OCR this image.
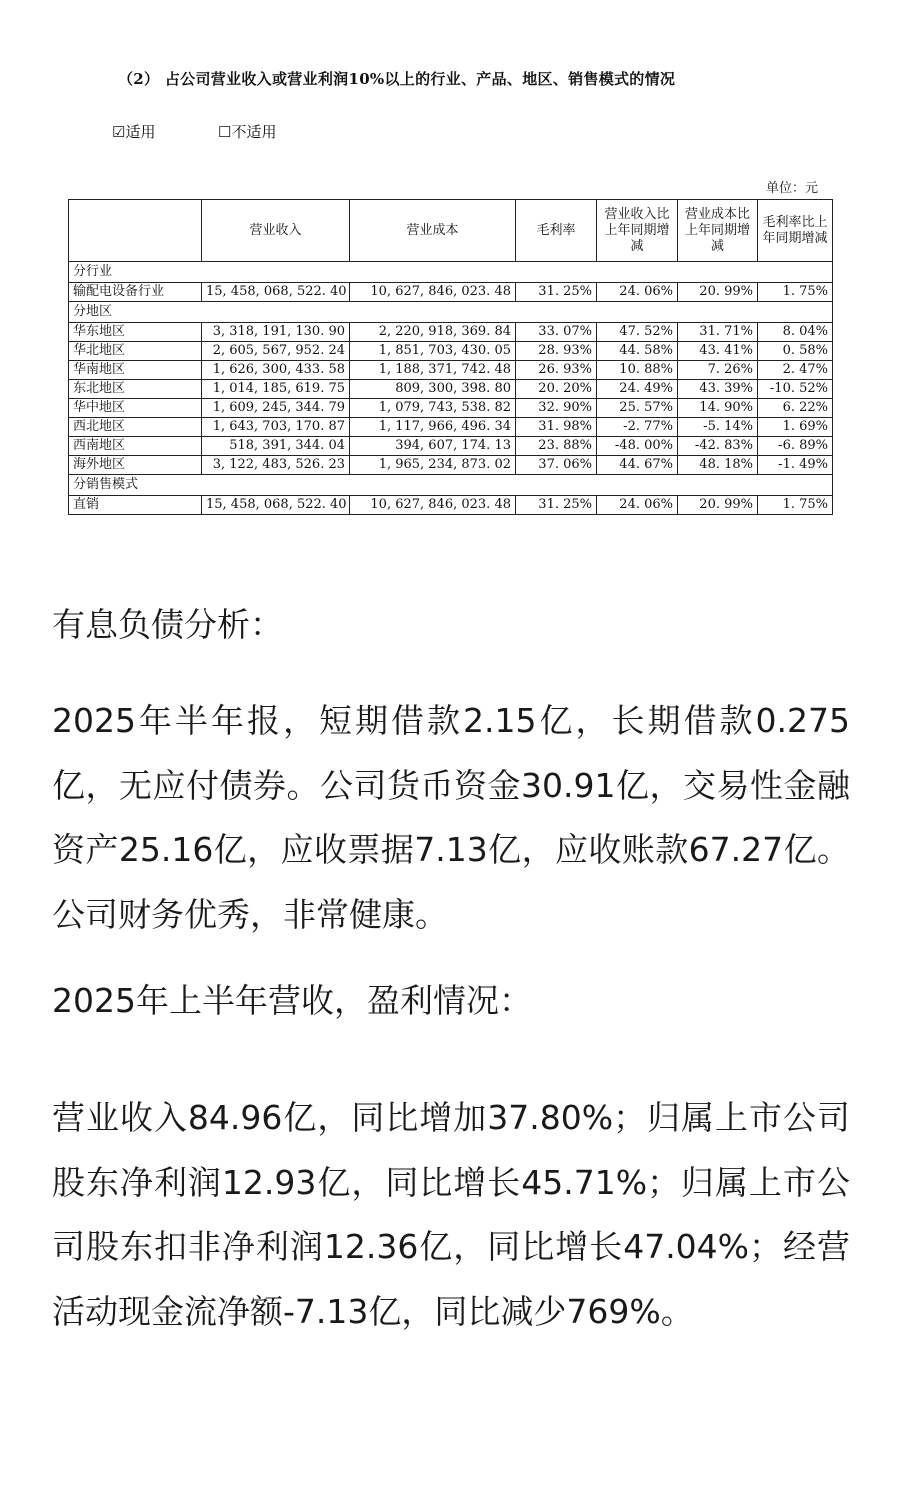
（2） 占公司营业收入或营业利润10%以上的行业、产品、地区、销售模式的情况
☑适用	☐不适用
单位：元
	营业收入	营业成本	毛利率	营业收入比上年同期增减	营业成本比上年同期增减	毛利率比上年同期增减
分行业						
输配电设备行业	15, 458, 068, 522. 40	10, 627, 846, 023. 48	31. 25%	24. 06%	20. 99%	1. 75%
分地区						
华东地区	3, 318, 191, 130. 90	2, 220, 918, 369. 84	33. 07%	47. 52%	31. 71%	8. 04%
华北地区	2, 605, 567, 952. 24	1, 851, 703, 430. 05	28. 93%	44. 58%	43. 41%	0. 58%
华南地区	1, 626, 300, 433. 58	1, 188, 371, 742. 48	26. 93%	10. 88%	7. 26%	2. 47%
东北地区	1, 014, 185, 619. 75	809, 300, 398. 80	20. 20%	24. 49%	43. 39%	-10. 52%
华中地区	1, 609, 245, 344. 79	1, 079, 743, 538. 82	32. 90%	25. 57%	14. 90%	6. 22%
西北地区	1, 643, 703, 170. 87	1, 117, 966, 496. 34	31. 98%	-2. 77%	-5. 14%	1. 69%
西南地区	518, 391, 344. 04	394, 607, 174. 13	23. 88%	-48. 00%	-42. 83%	-6. 89%
海外地区	3, 122, 483, 526. 23	1, 965, 234, 873. 02	37. 06%	44. 67%	48. 18%	-1. 49%
分销售模式						
直销	15, 458, 068, 522. 40	10, 627, 846, 023. 48	31. 25%	24. 06%	20. 99%	1. 75%
有息负债分析：
2025年半年报，短期借款2.15亿，长期借款0.275亿，无应付债券。公司货币资金30.91亿，交易性金融资产25.16亿，应收票据7.13亿，应收账款67.27亿。公司财务优秀，非常健康。
2025年上半年营收，盈利情况：
营业收入84.96亿，同比增加37.80%；归属上市公司股东净利润12.93亿，同比增长45.71%；归属上市公司股东扣非净利润12.36亿，同比增长47.04%；经营活动现金流净额-7.13亿，同比减少769%。
